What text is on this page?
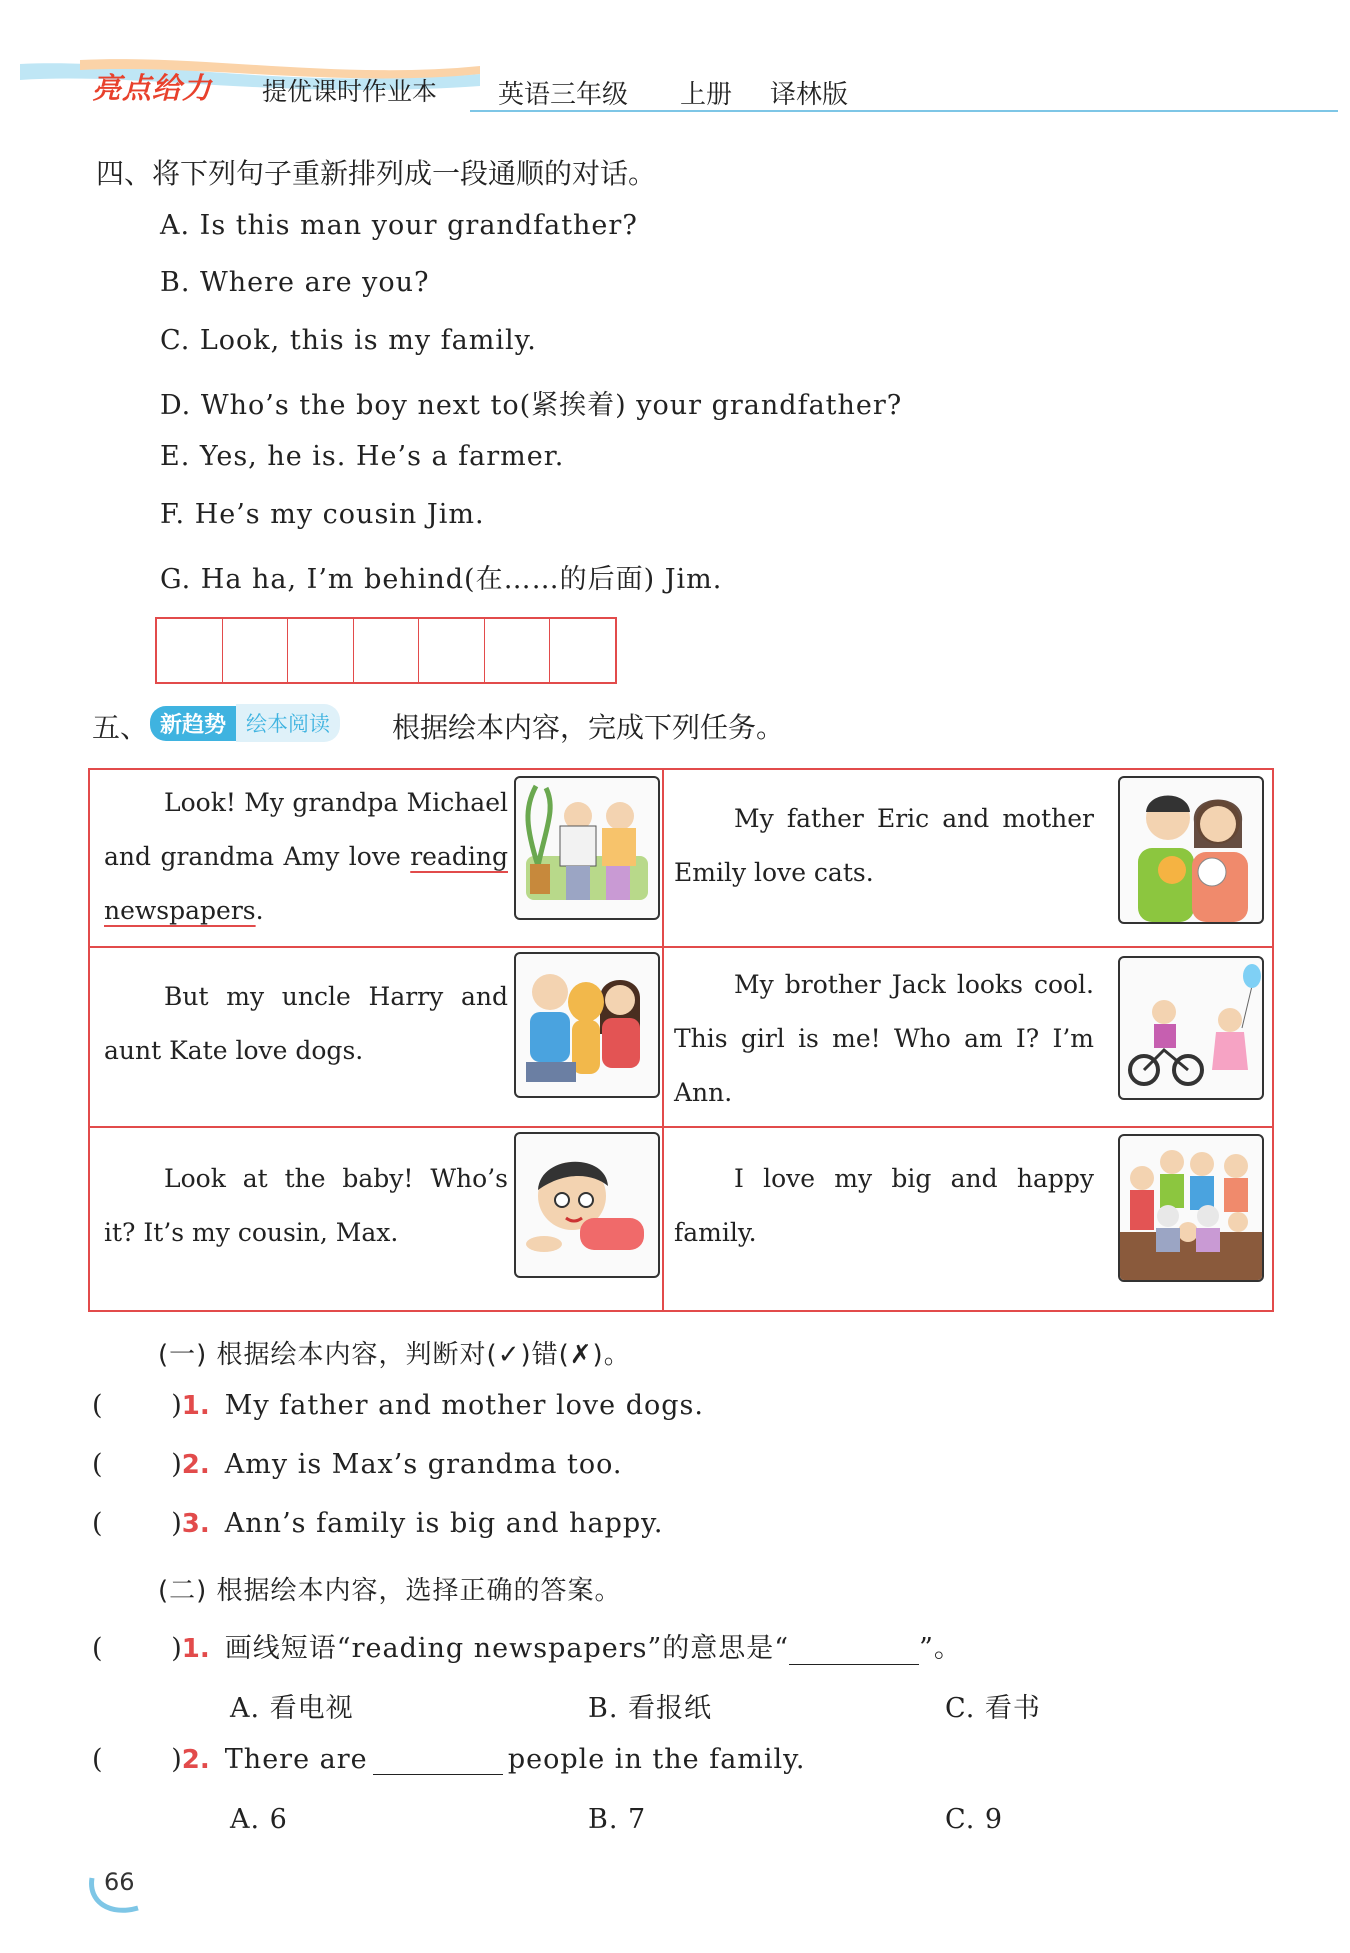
亮点给力 提优课时作业本 英语三年级 上册 译林版
四、将下列句子重新排列成一段通顺的对话。
A. Is this man your grandfather?
B. Where are you?
C. Look, this is my family.
D. Who’s the boy next to(紧挨着) your grandfather?
E. Yes, he is. He’s a farmer.
F. He’s my cousin Jim.
G. Ha ha, I’m behind(在……的后面) Jim.
五、 新趋势 绘本阅读	根据绘本内容，完成下列任务。
Look! My grandpa Michael and grandma Amy love reading newspapers.
My father Eric and mother Emily love cats.
But my uncle Harry and aunt Kate love dogs.
My brother Jack looks cool. This girl is me! Who am I? I’m Ann.
Look at the baby! Who’s it? It’s my cousin, Max.
I love my big and happy family.
(一) 根据绘本内容，判断对(✓)错(✗)。
(        )1. My father and mother love dogs.
(        )2. Amy is Max’s grandma too.
(        )3. Ann’s family is big and happy.
(二) 根据绘本内容，选择正确的答案。
(        )1. 画线短语“reading newspapers”的意思是“	”。
A. 看电视	B. 看报纸	C. 看书
(        )2. There are	people in the family.
A. 6	B. 7	C. 9
66
